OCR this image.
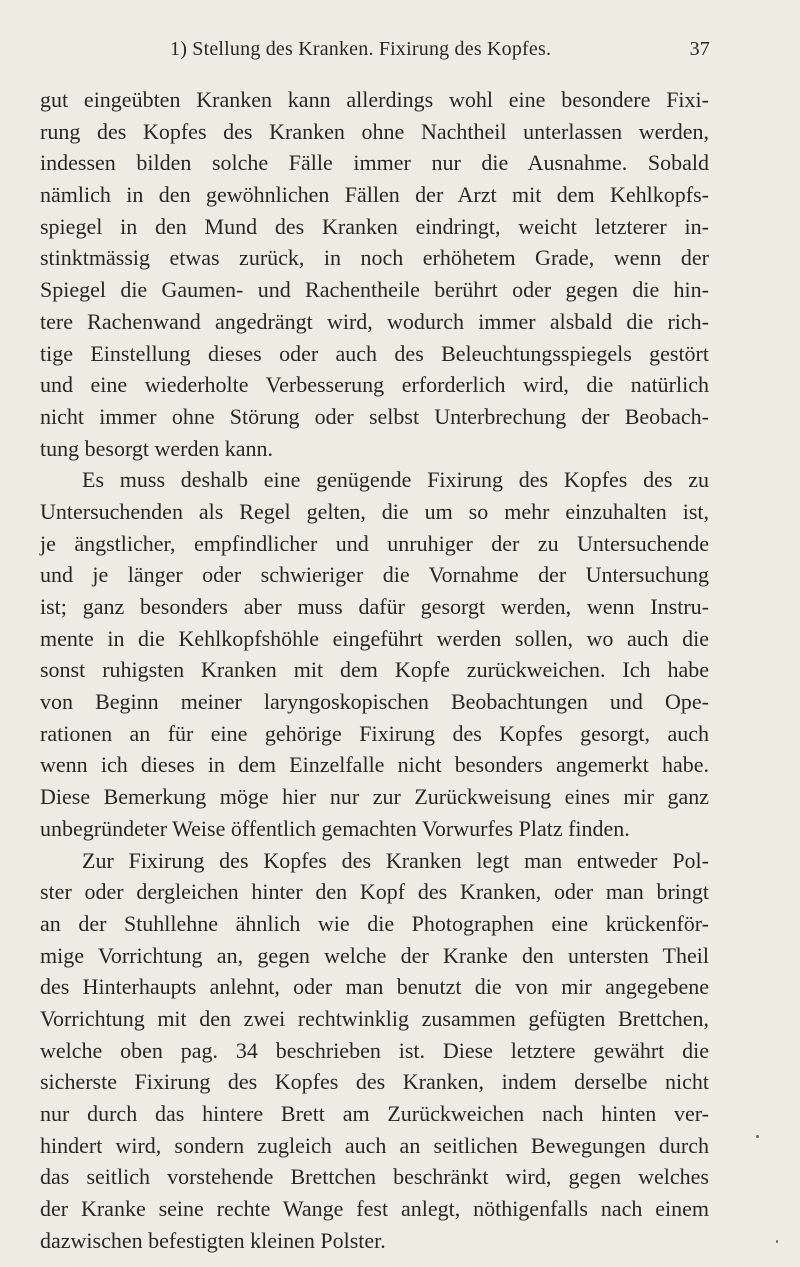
1) Stellung des Kranken. Fixirung des Kopfes.	37
gut eingeübten Kranken kann allerdings wohl eine besondere Fixi-
rung des Kopfes des Kranken ohne Nachtheil unterlassen werden,
indessen bilden solche Fälle immer nur die Ausnahme. Sobald
nämlich in den gewöhnlichen Fällen der Arzt mit dem Kehlkopfs-
spiegel in den Mund des Kranken eindringt, weicht letzterer in-
stinktmässig etwas zurück, in noch erhöhetem Grade, wenn der
Spiegel die Gaumen- und Rachentheile berührt oder gegen die hin-
tere Rachenwand angedrängt wird, wodurch immer alsbald die rich-
tige Einstellung dieses oder auch des Beleuchtungsspiegels gestört
und eine wiederholte Verbesserung erforderlich wird, die natürlich
nicht immer ohne Störung oder selbst Unterbrechung der Beobach-
tung besorgt werden kann.
Es muss deshalb eine genügende Fixirung des Kopfes des zu
Untersuchenden als Regel gelten, die um so mehr einzuhalten ist,
je ängstlicher, empfindlicher und unruhiger der zu Untersuchende
und je länger oder schwieriger die Vornahme der Untersuchung
ist; ganz besonders aber muss dafür gesorgt werden, wenn Instru-
mente in die Kehlkopfshöhle eingeführt werden sollen, wo auch die
sonst ruhigsten Kranken mit dem Kopfe zurückweichen. Ich habe
von Beginn meiner laryngoskopischen Beobachtungen und Ope-
rationen an für eine gehörige Fixirung des Kopfes gesorgt, auch
wenn ich dieses in dem Einzelfalle nicht besonders angemerkt habe.
Diese Bemerkung möge hier nur zur Zurückweisung eines mir ganz
unbegründeter Weise öffentlich gemachten Vorwurfes Platz finden.
Zur Fixirung des Kopfes des Kranken legt man entweder Pol-
ster oder dergleichen hinter den Kopf des Kranken, oder man bringt
an der Stuhllehne ähnlich wie die Photographen eine krückenför-
mige Vorrichtung an, gegen welche der Kranke den untersten Theil
des Hinterhaupts anlehnt, oder man benutzt die von mir angegebene
Vorrichtung mit den zwei rechtwinklig zusammen gefügten Brettchen,
welche oben pag. 34 beschrieben ist. Diese letztere gewährt die
sicherste Fixirung des Kopfes des Kranken, indem derselbe nicht
nur durch das hintere Brett am Zurückweichen nach hinten ver-
hindert wird, sondern zugleich auch an seitlichen Bewegungen durch
das seitlich vorstehende Brettchen beschränkt wird, gegen welches
der Kranke seine rechte Wange fest anlegt, nöthigenfalls nach einem
dazwischen befestigten kleinen Polster.
